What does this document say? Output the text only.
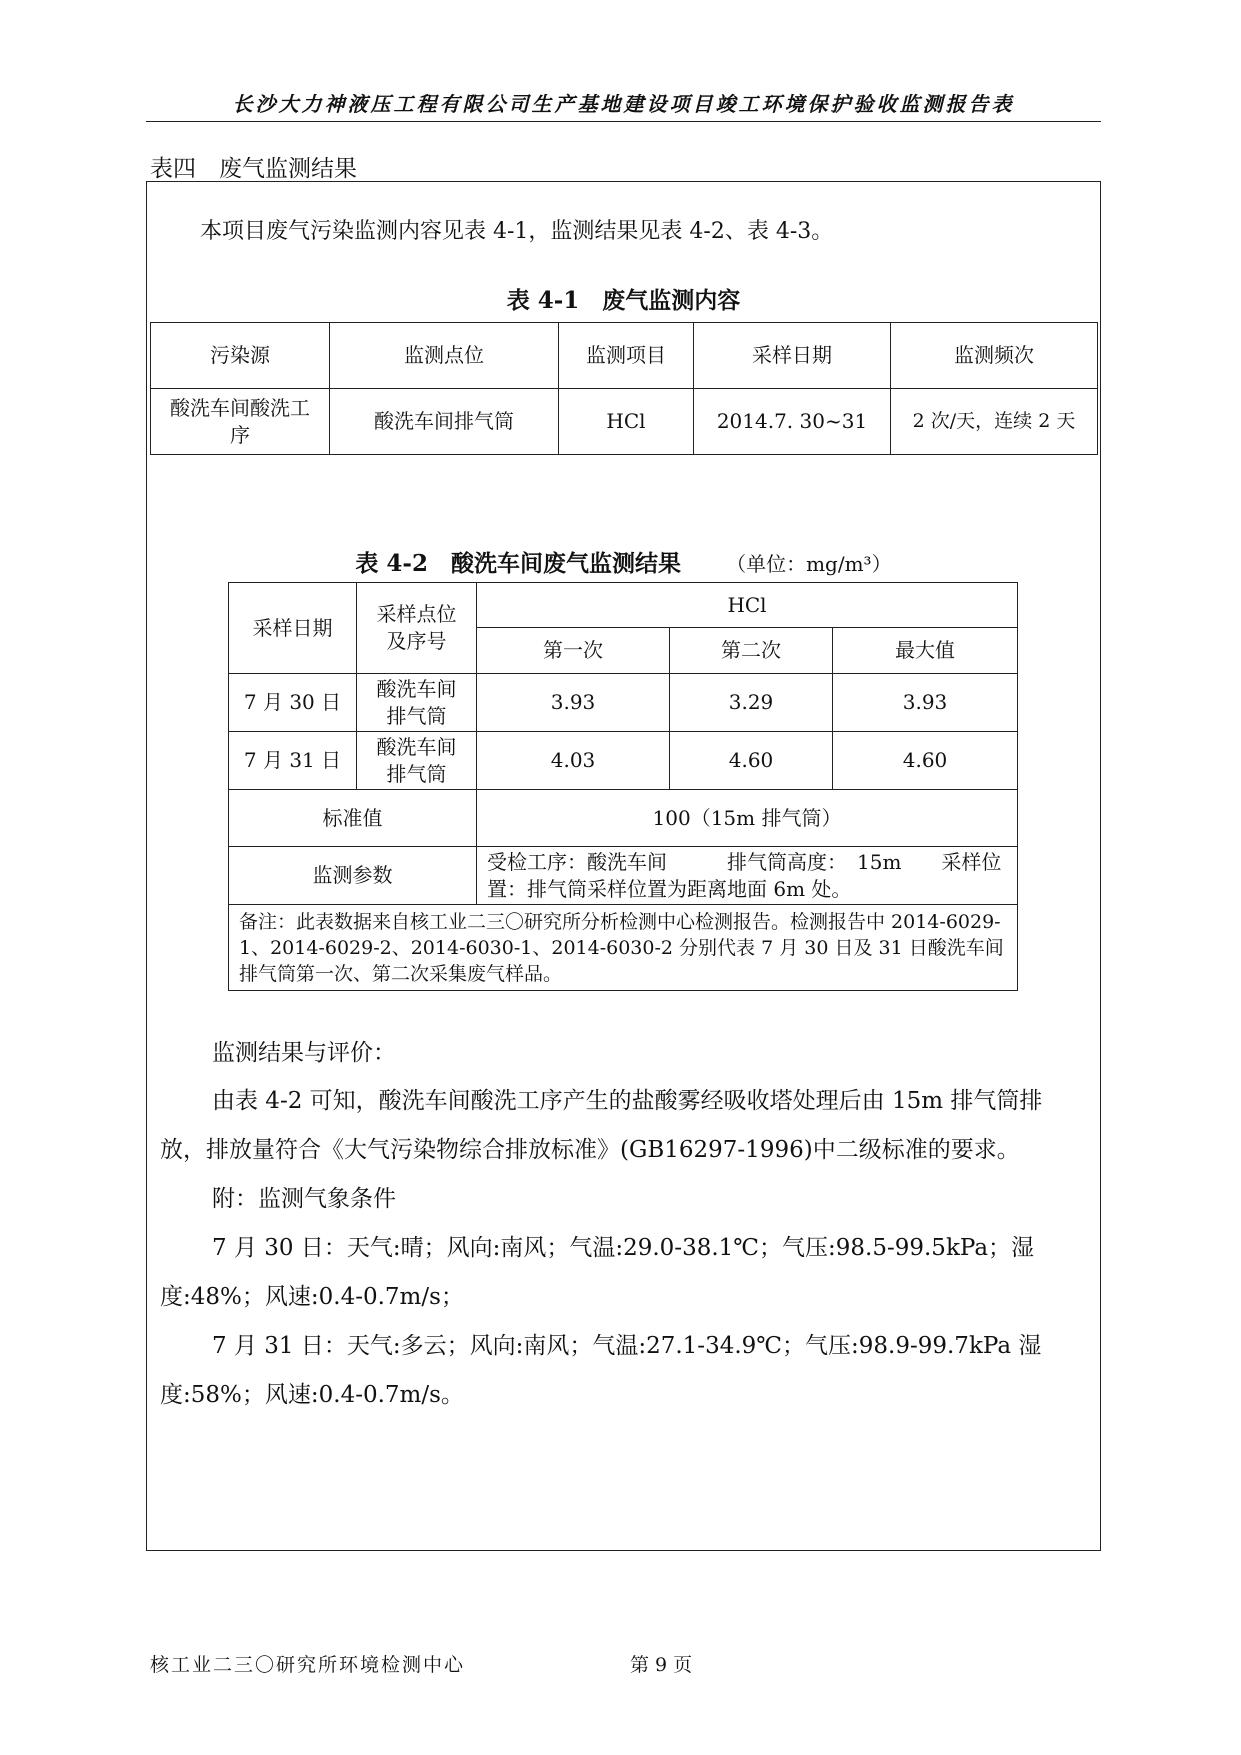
长沙大力神液压工程有限公司生产基地建设项目竣工环境保护验收监测报告表
表四　废气监测结果
本项目废气污染监测内容见表 4-1，监测结果见表 4-2、表 4-3。
表 4-1　废气监测内容
污染源	监测点位	监测项目	采样日期	监测频次
酸洗车间酸洗工序	酸洗车间排气筒	HCl	2014.7. 30~31	2 次/天，连续 2 天
表 4-2　酸洗车间废气监测结果 （单位：mg/m³）
采样日期	采样点位及序号	HCl		
		第一次	第二次	最大值
7 月 30 日	酸洗车间排气筒	3.93	3.29	3.93
7 月 31 日	酸洗车间排气筒	4.03	4.60	4.60
标准值		100（15m 排气筒）		
监测参数		受检工序：酸洗车间　　　排气筒高度：　15m　　采样位置：排气筒采样位置为距离地面 6m 处。		
备注：此表数据来自核工业二三〇研究所分析检测中心检测报告。检测报告中 2014-6029-1、2014-6029-2、2014-6030-1、2014-6030-2 分别代表 7 月 30 日及 31 日酸洗车间排气筒第一次、第二次采集废气样品。				
监测结果与评价：
由表 4-2 可知，酸洗车间酸洗工序产生的盐酸雾经吸收塔处理后由 15m 排气筒排
放，排放量符合《大气污染物综合排放标准》(GB16297-1996)中二级标准的要求。
附：监测气象条件
7 月 30 日：天气:晴；风向:南风；气温:29.0-38.1℃；气压:98.5-99.5kPa；湿
度:48%；风速:0.4-0.7m/s；
7 月 31 日：天气:多云；风向:南风；气温:27.1-34.9℃；气压:98.9-99.7kPa 湿
度:58%；风速:0.4-0.7m/s。
核工业二三〇研究所环境检测中心	第 9 页
